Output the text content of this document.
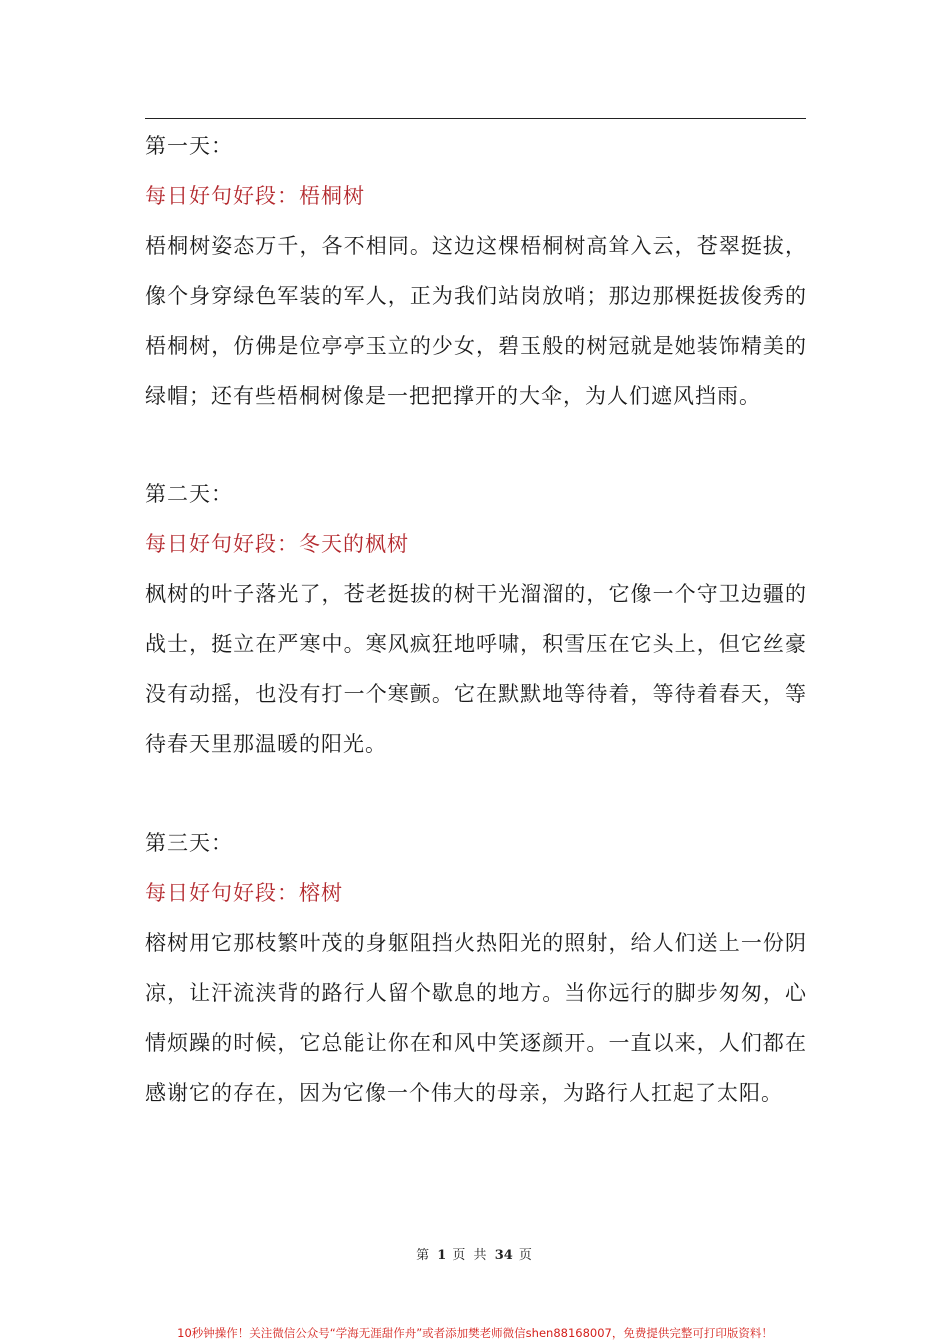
第一天：

每日好句好段：梧桐树

梧桐树姿态万千，各不相同。这边这棵梧桐树高耸入云，苍翠挺拔，像个身穿绿色军装的军人，正为我们站岗放哨；那边那棵挺拔俊秀的梧桐树，仿佛是位亭亭玉立的少女，碧玉般的树冠就是她装饰精美的绿帽；还有些梧桐树像是一把把撑开的大伞，为人们遮风挡雨。

第二天：

每日好句好段：冬天的枫树

枫树的叶子落光了，苍老挺拔的树干光溜溜的，它像一个守卫边疆的战士，挺立在严寒中。寒风疯狂地呼啸，积雪压在它头上，但它丝豪没有动摇，也没有打一个寒颤。它在默默地等待着，等待着春天，等待春天里那温暖的阳光。

第三天：

每日好句好段：榕树

榕树用它那枝繁叶茂的身躯阻挡火热阳光的照射，给人们送上一份阴凉，让汗流浃背的路行人留个歇息的地方。当你远行的脚步匆匆，心情烦躁的时候，它总能让你在和风中笑逐颜开。一直以来，人们都在感谢它的存在，因为它像一个伟大的母亲，为路行人扛起了太阳。

第 1 页 共 34 页
10秒钟操作！关注微信公众号“学海无涯甜作舟”或者添加樊老师微信shen88168007，免费提供完整可打印版资料！
